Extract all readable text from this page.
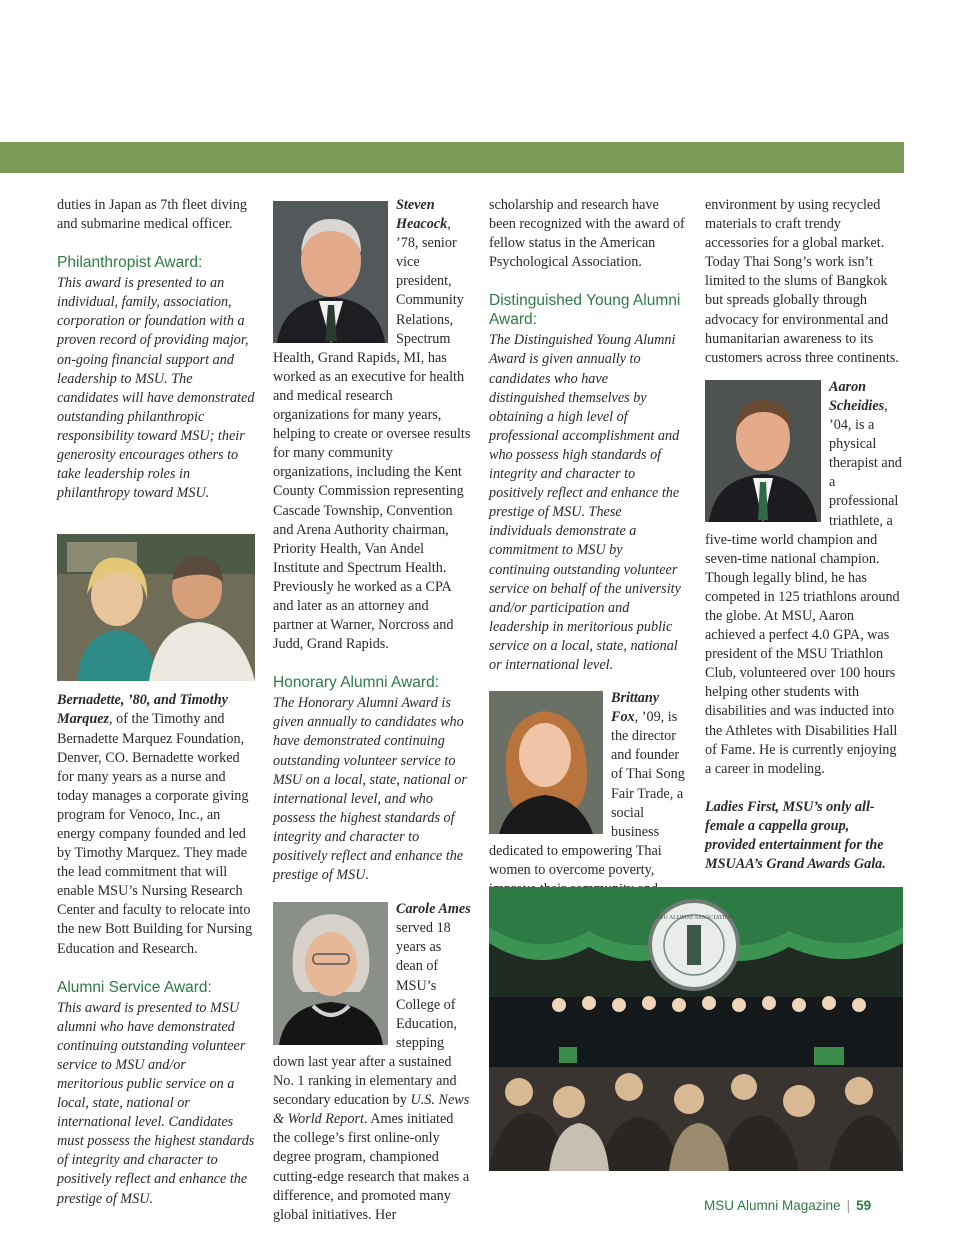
duties in Japan as 7th fleet diving and submarine medical officer.

Philanthropist Award:

This award is presented to an individual, family, association, corporation or foundation with a proven record of providing major, on-going financial support and leadership to MSU. The candidates will have demonstrated outstanding philanthropic responsibility toward MSU; their generosity encourages others to take leadership roles in philanthropy toward MSU.

Bernadette, ’80, and Timothy Marquez, of the Timothy and Bernadette Marquez Foundation, Denver, CO. Bernadette worked for many years as a nurse and today manages a corporate giving program for Venoco, Inc., an energy company founded and led by Timothy Marquez. They made the lead commitment that will enable MSU’s Nursing Research Center and faculty to relocate into the new Bott Building for Nursing Education and Research.

Alumni Service Award:

This award is presented to MSU alumni who have demonstrated continuing outstanding volunteer service to MSU and/or meritorious public service on a local, state, national or international level. Candidates must possess the highest standards of integrity and character to positively reflect and enhance the prestige of MSU.

Steven Heacock, ’78, senior vice president, Community Relations, Spectrum Health, Grand Rapids, MI, has worked as an executive for health and medical research organizations for many years, helping to create or oversee results for many community organizations, including the Kent County Commission representing Cascade Township, Convention and Arena Authority chairman, Priority Health, Van Andel Institute and Spectrum Health. Previously he worked as a CPA and later as an attorney and partner at Warner, Norcross and Judd, Grand Rapids.

Honorary Alumni Award:

The Honorary Alumni Award is given annually to candidates who have demonstrated continuing outstanding volunteer service to MSU on a local, state, national or international level, and who possess the highest standards of integrity and character to positively reflect and enhance the prestige of MSU.

Carole Ames served 18 years as dean of MSU’s College of Education, stepping down last year after a sustained No. 1 ranking in elementary and secondary education by U.S. News & World Report. Ames initiated the college’s first online-only degree program, championed cutting-edge research that makes a difference, and promoted many global initiatives. Her

scholarship and research have been recognized with the award of fellow status in the American Psychological Association.

Distinguished Young Alumni Award:

The Distinguished Young Alumni Award is given annually to candidates who have distinguished themselves by obtaining a high level of professional accomplishment and who possess high standards of integrity and character to positively reflect and enhance the prestige of MSU. These individuals demonstrate a commitment to MSU by continuing outstanding volunteer service on behalf of the university and/or participation and leadership in meritorious public service on a local, state, national or international level.

Brittany Fox, ’09, is the director and founder of Thai Song Fair Trade, a social business dedicated to empowering Thai women to overcome poverty,

environment by using recycled materials to craft trendy accessories for a global market. Today Thai Song’s work isn’t limited to the slums of Bangkok but spreads globally through advocacy for environmental and humanitarian awareness to its customers across three continents.

Aaron Scheidies, ’04, is a physical therapist and a professional triathlete, a five-time world champion and seven-time national champion. Though legally blind, he has competed in 125 triathlons around the globe. At MSU, Aaron achieved a perfect 4.0 GPA, was president of the MSU Triathlon Club, volunteered over 100 hours helping other students with disabilities and was inducted into the Athletes with Disabilities Hall of Fame. He is currently enjoying a career in modeling.

Ladies First, MSU’s only all-female a cappella group, provided entertainment for the MSUAA’s Grand Awards Gala.

MSU ALUMNI ASSOCIATION
MSU Alumni Magazine | 59
